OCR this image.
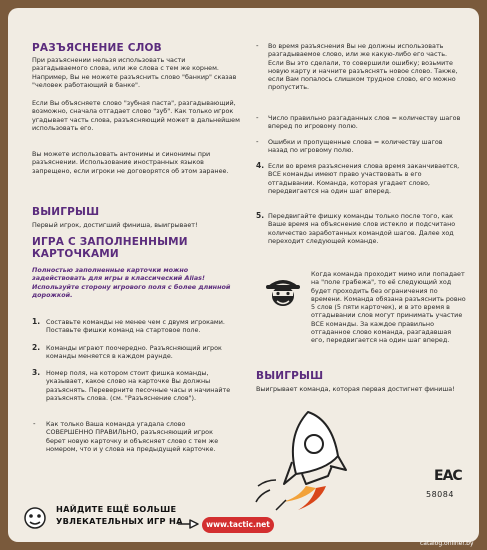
РАЗЪЯСНЕНИЕ СЛОВ

При разъяснении нельзя использовать части разгадываемого слова, или же слова с тем же корнем. Например, Вы не можете разъяснить слово "банкир" сказав "человек работающий в банке".

Если Вы объясняете слово "зубная паста", разгадывающий, возможно, сначала отгадает слово "зуб". Как только игрок угадывает часть слова, разъясняющий может в дальнейшем использовать его.

Вы можете использовать антонимы и синонимы при разъяснении. Использование иностранных языков запрещено, если игроки не договорятся об этом заранее.

ВЫИГРЫШ

Первый игрок, достигший финиша, выигрывает!

ИГРА С ЗАПОЛНЕННЫМИ
КАРТОЧКАМИ

Полностью заполненные карточки можно задействовать для игры в классический Alias! Используйте сторону игрового поля с более длинной дорожкой.

1. Составьте команды не менее чем с двумя игроками. Поставьте фишки команд на стартовое поле.

2. Команды играют поочередно. Разъясняющий игрок команды меняется в каждом раунде.

3. Номер поля, на котором стоит фишка команды, указывает, какое слово на карточке Вы должны разъяснять. Переверните песочные часы и начинайте разъяснять слова. (см. "Разъяснение слов").

- Как только Ваша команда угадала слово СОВЕРШЕННО ПРАВИЛЬНО, разъясняющий игрок берет новую карточку и объясняет слово с тем же номером, что и у слова на предыдущей карточке.

- Во время разъяснения Вы не должны использовать разгадываемое слово, или же какую-либо его часть. Если Вы это сделали, то совершили ошибку; возьмите новую карту и начните разъяснять новое слово. Также, если Вам попалось слишком трудное слово, его можно пропустить.

- Число правильно разгаданных слов = количеству шагов вперед по игровому полю.

- Ошибки и пропущенные слова = количеству шагов назад по игровому полю.

4. Если во время разъяснения слова время заканчивается, ВСЕ команды имеют право участвовать в его отгадывании. Команда, которая угадает слово, передвигается на один шаг вперед.

5. Передвигайте фишку команды только после того, как Ваше время на объяснение слов истекло и подсчитано количество заработанных командой шагов. Далее ход переходит следующей команде.

Когда команда проходит мимо или попадает на "поле грабежа", то её следующий ход будет проходить без ограничения по времени. Команда обязана разъяснить ровно 5 слов (5 пяти карточек), и в это время в отгадывании слов могут принимать участие ВСЕ команды. За каждое правильно отгаданное слово команда, разгадавшая его, передвигается на один шаг вперед.

ВЫИГРЫШ

Выигрывает команда, которая первая достигнет финиша!

EAC
58084
НАЙДИТЕ ЕЩЁ БОЛЬШЕ
УВЛЕКАТЕЛЬНЫХ ИГР НА	www.tactic.net
catalog.onliner.by
